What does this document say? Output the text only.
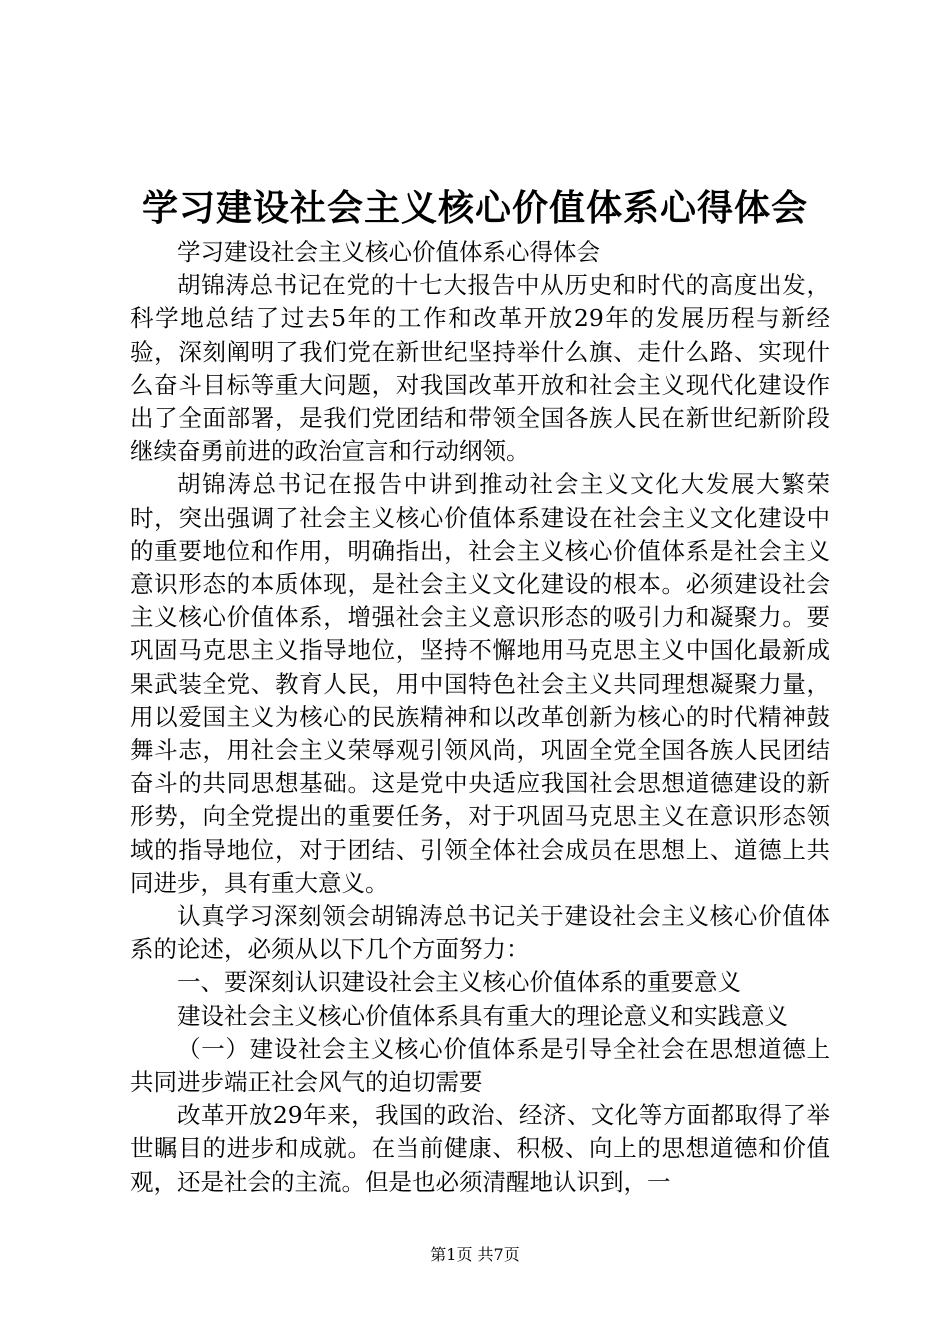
学习建设社会主义核心价值体系心得体会

学习建设社会主义核心价值体系心得体会

胡锦涛总书记在党的十七大报告中从历史和时代的高度出发，科学地总结了过去5年的工作和改革开放29年的发展历程与新经验，深刻阐明了我们党在新世纪坚持举什么旗、走什么路、实现什么奋斗目标等重大问题，对我国改革开放和社会主义现代化建设作出了全面部署，是我们党团结和带领全国各族人民在新世纪新阶段继续奋勇前进的政治宣言和行动纲领。

胡锦涛总书记在报告中讲到推动社会主义文化大发展大繁荣时，突出强调了社会主义核心价值体系建设在社会主义文化建设中的重要地位和作用，明确指出，社会主义核心价值体系是社会主义意识形态的本质体现，是社会主义文化建设的根本。必须建设社会主义核心价值体系，增强社会主义意识形态的吸引力和凝聚力。要巩固马克思主义指导地位，坚持不懈地用马克思主义中国化最新成果武装全党、教育人民，用中国特色社会主义共同理想凝聚力量，用以爱国主义为核心的民族精神和以改革创新为核心的时代精神鼓舞斗志，用社会主义荣辱观引领风尚，巩固全党全国各族人民团结奋斗的共同思想基础。这是党中央适应我国社会思想道德建设的新形势，向全党提出的重要任务，对于巩固马克思主义在意识形态领域的指导地位，对于团结、引领全体社会成员在思想上、道德上共同进步，具有重大意义。

认真学习深刻领会胡锦涛总书记关于建设社会主义核心价值体系的论述，必须从以下几个方面努力：

一、要深刻认识建设社会主义核心价值体系的重要意义

建设社会主义核心价值体系具有重大的理论意义和实践意义

（一）建设社会主义核心价值体系是引导全社会在思想道德上共同进步端正社会风气的迫切需要

改革开放29年来，我国的政治、经济、文化等方面都取得了举世瞩目的进步和成就。在当前健康、积极、向上的思想道德和价值观，还是社会的主流。但是也必须清醒地认识到，一

第1页 共7页
